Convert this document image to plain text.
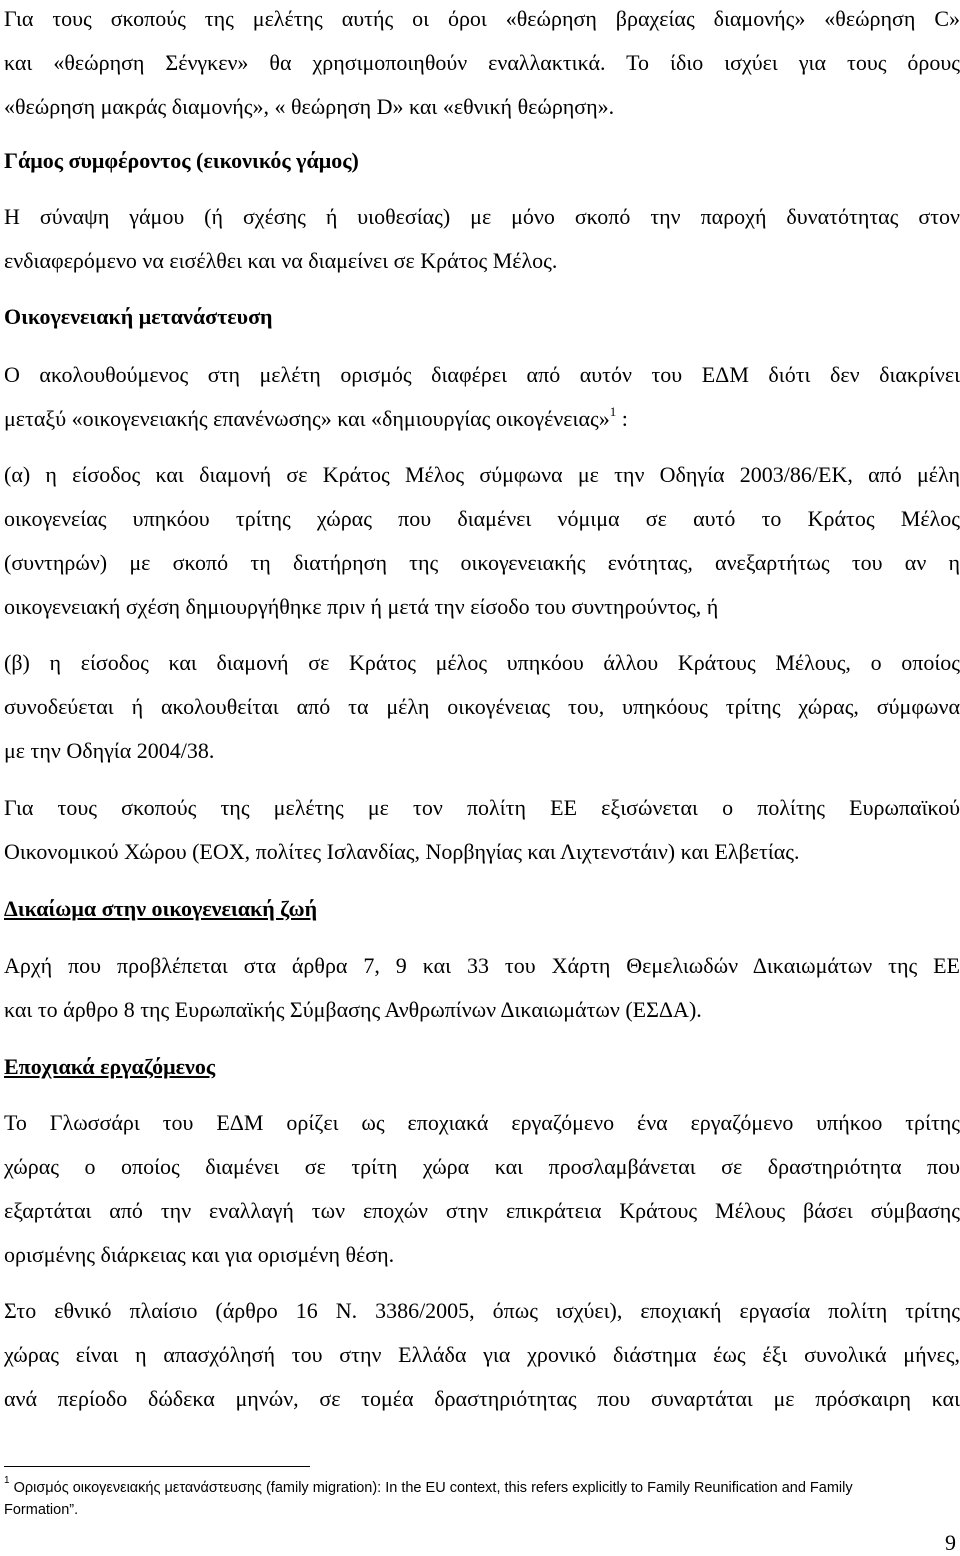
Για τους σκοπούς της μελέτης αυτής οι όροι «θεώρηση βραχείας διαμονής» «θεώρηση C»
και «θεώρηση Σένγκεν» θα χρησιμοποιηθούν εναλλακτικά. Το ίδιο ισχύει για τους όρους
«θεώρηση μακράς διαμονής», « θεώρηση D» και «εθνική θεώρηση».
Γάμος συμφέροντος (εικονικός γάμος)
Η σύναψη γάμου (ή σχέσης ή υιοθεσίας) με μόνο σκοπό την παροχή δυνατότητας στον
ενδιαφερόμενο να εισέλθει και να διαμείνει σε Κράτος Μέλος.
Οικογενειακή μετανάστευση
Ο ακολουθούμενος στη μελέτη ορισμός διαφέρει από αυτόν του ΕΔΜ διότι δεν διακρίνει
μεταξύ «οικογενειακής επανένωσης» και «δημιουργίας οικογένειας»$^1$ :
(α) η είσοδος και διαμονή σε Κράτος Μέλος σύμφωνα με την Οδηγία 2003/86/ΕΚ, από μέλη
οικογενείας υπηκόου τρίτης χώρας που διαμένει νόμιμα σε αυτό το Κράτος Μέλος
(συντηρών) με σκοπό τη διατήρηση της οικογενειακής ενότητας, ανεξαρτήτως του αν η
οικογενειακή σχέση δημιουργήθηκε πριν ή μετά την είσοδο του συντηρούντος, ή
(β) η είσοδος και διαμονή σε Κράτος μέλος υπηκόου άλλου Κράτους Μέλους, ο οποίος
συνοδεύεται ή ακολουθείται από τα μέλη οικογένειας του, υπηκόους τρίτης χώρας, σύμφωνα
με την Οδηγία 2004/38.
Για τους σκοπούς της μελέτης με τον πολίτη ΕΕ εξισώνεται ο πολίτης Ευρωπαϊκού
Οικονομικού Χώρου (ΕΟΧ, πολίτες Ισλανδίας, Νορβηγίας και Λιχτενστάιν) και Ελβετίας.
Δικαίωμα στην οικογενειακή ζωή
Αρχή που προβλέπεται στα άρθρα 7, 9 και 33 του Χάρτη Θεμελιωδών Δικαιωμάτων της ΕΕ
και το άρθρο 8 της Ευρωπαϊκής Σύμβασης Ανθρωπίνων Δικαιωμάτων (ΕΣΔΑ).
Εποχιακά εργαζόμενος
Το Γλωσσάρι του ΕΔΜ ορίζει ως εποχιακά εργαζόμενο ένα εργαζόμενο υπήκοο τρίτης
χώρας ο οποίος διαμένει σε τρίτη χώρα και προσλαμβάνεται σε δραστηριότητα που
εξαρτάται από την εναλλαγή των εποχών στην επικράτεια Κράτους Μέλους βάσει σύμβασης
ορισμένης διάρκειας και για ορισμένη θέση.
Στο εθνικό πλαίσιο (άρθρο 16 Ν. 3386/2005, όπως ισχύει), εποχιακή εργασία πολίτη τρίτης
χώρας είναι η απασχόλησή του στην Ελλάδα για χρονικό διάστημα έως έξι συνολικά μήνες,
ανά περίοδο δώδεκα μηνών, σε τομέα δραστηριότητας που συναρτάται με πρόσκαιρη και
$^1$ Ορισμός οικογενειακής μετανάστευσης (family migration): In the EU context, this refers explicitly to Family Reunification and Family
Formation”.
9
